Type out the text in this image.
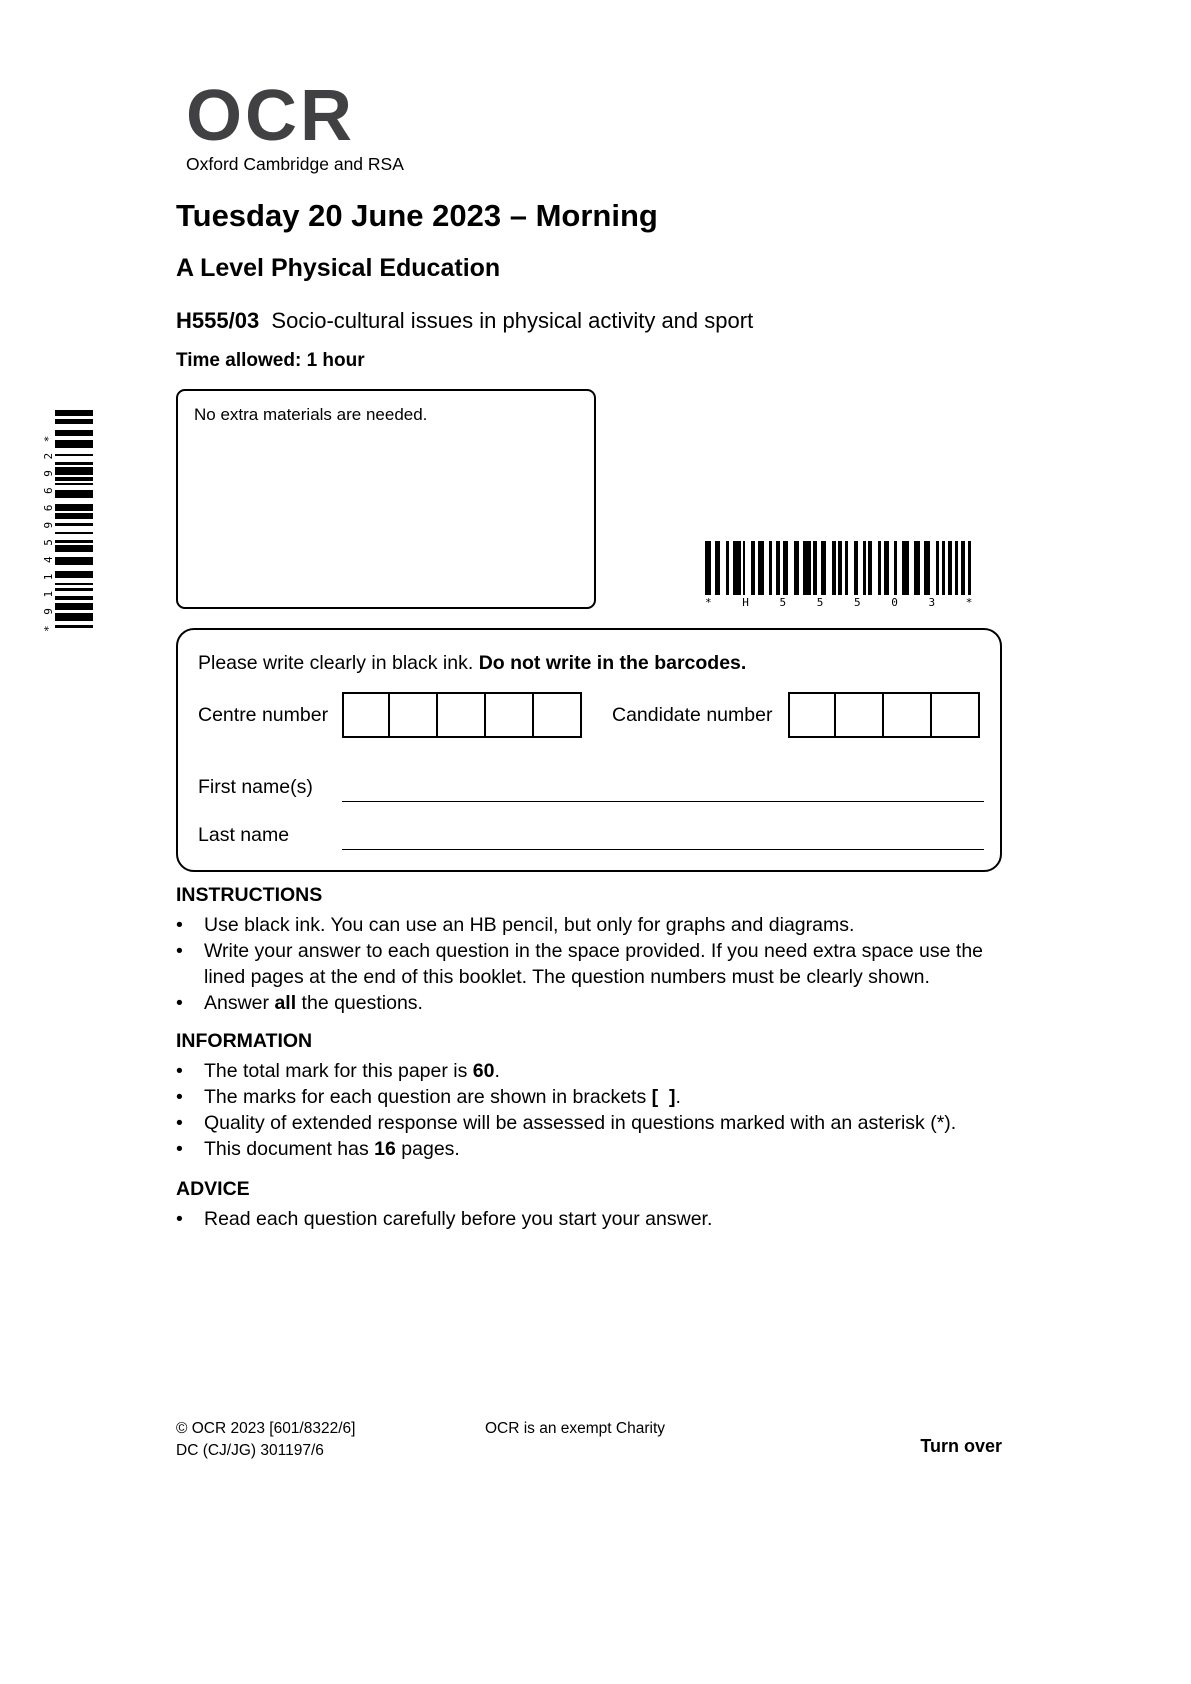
OCR
Oxford Cambridge and RSA
Tuesday 20 June 2023 – Morning
A Level Physical Education
H555/03  Socio-cultural issues in physical activity and sport
Time allowed: 1 hour
No extra materials are needed.
* 9 1 1 4 5 9 6 6 9 2 *	* H 5 5 5 0 3 *
Please write clearly in black ink. Do not write in the barcodes.
Centre number	Candidate number
First name(s)
Last name
INSTRUCTIONS
•	Use black ink. You can use an HB pencil, but only for graphs and diagrams.
•	Write your answer to each question in the space provided. If you need extra space use the lined pages at the end of this booklet. The question numbers must be clearly shown.
•	Answer all the questions.
INFORMATION
•	The total mark for this paper is 60.
•	The marks for each question are shown in brackets [  ].
•	Quality of extended response will be assessed in questions marked with an asterisk (*).
•	This document has 16 pages.
ADVICE
•	Read each question carefully before you start your answer.
© OCR 2023 [601/8322/6]
DC (CJ/JG) 301197/6
OCR is an exempt Charity
Turn over
